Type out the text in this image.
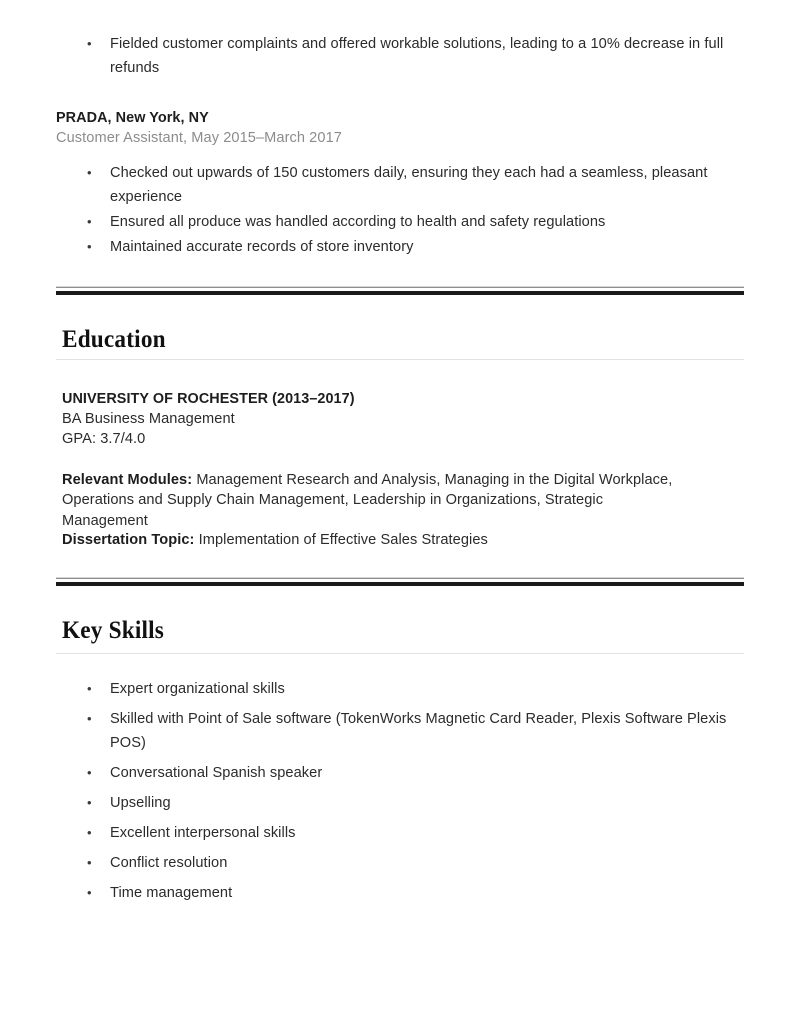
• Fielded customer complaints and offered workable solutions, leading to a 10% decrease in full refunds
PRADA, New York, NY
Customer Assistant, May 2015–March 2017
• Checked out upwards of 150 customers daily, ensuring they each had a seamless, pleasant experience
• Ensured all produce was handled according to health and safety regulations
• Maintained accurate records of store inventory
Education
UNIVERSITY OF ROCHESTER (2013–2017)
BA Business Management
GPA: 3.7/4.0

Relevant Modules: Management Research and Analysis, Managing in the Digital Workplace, Operations and Supply Chain Management, Leadership in Organizations, Strategic Management

Dissertation Topic: Implementation of Effective Sales Strategies

Key Skills
• Expert organizational skills
• Skilled with Point of Sale software (TokenWorks Magnetic Card Reader, Plexis Software Plexis POS)
• Conversational Spanish speaker
• Upselling
• Excellent interpersonal skills
• Conflict resolution
• Time management
